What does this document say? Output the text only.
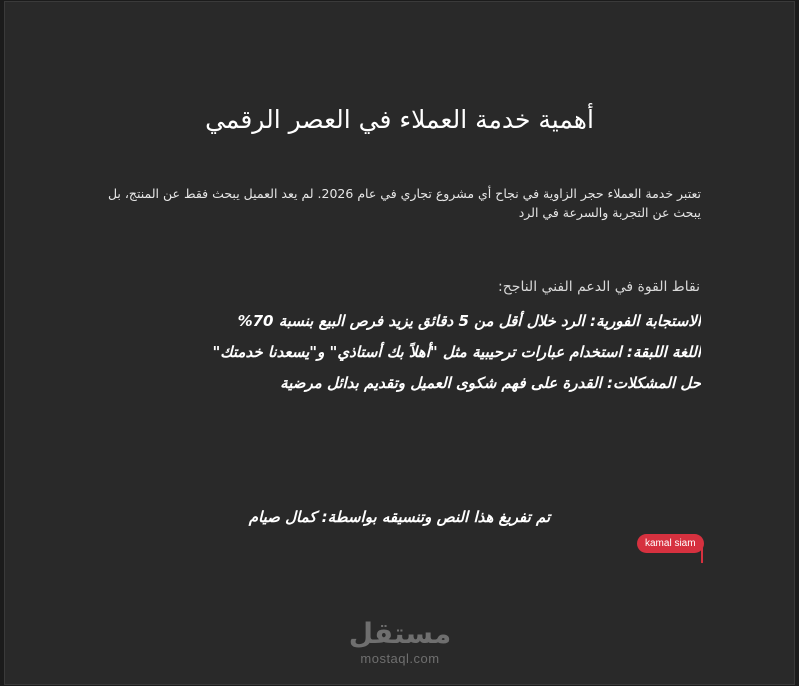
أهمية خدمة العملاء في العصر الرقمي
تعتبر خدمة العملاء حجر الزاوية في نجاح أي مشروع تجاري في عام 2026. لم يعد العميل يبحث فقط عن المنتج، بل يبحث عن التجربة والسرعة في الرد
نقاط القوة في الدعم الفني الناجح:
الاستجابة الفورية: الرد خلال أقل من 5 دقائق يزيد فرص البيع بنسبة 70%
اللغة اللبقة: استخدام عبارات ترحيبية مثل "أهلاً بك أستاذي" و"يسعدنا خدمتك"
حل المشكلات: القدرة على فهم شكوى العميل وتقديم بدائل مرضية
تم تفريغ هذا النص وتنسيقه بواسطة: كمال صيام
kamal siam
مستقل
mostaql.com
